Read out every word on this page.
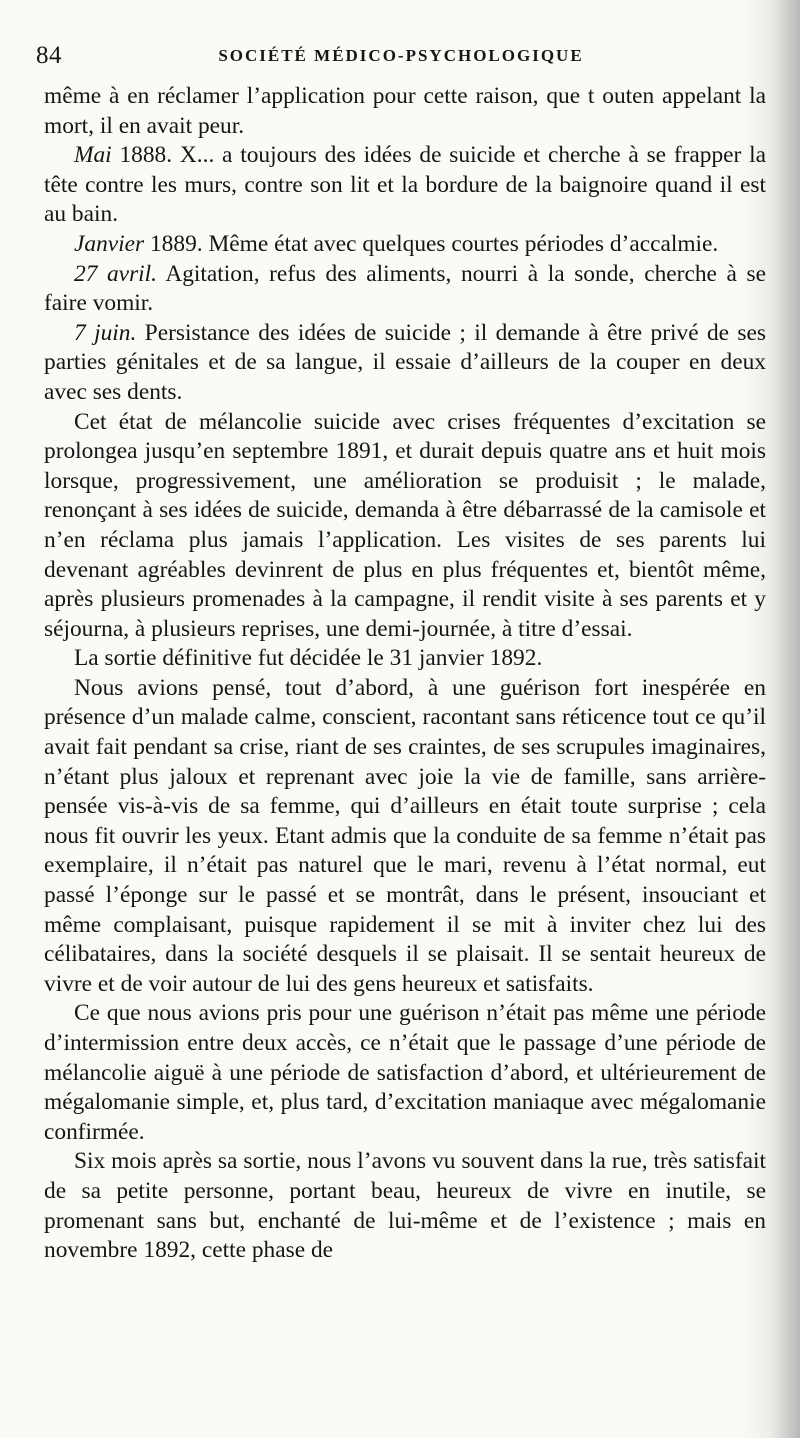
84	SOCIÉTÉ MÉDICO-PSYCHOLOGIQUE

même à en réclamer l’application pour cette raison, que t outen appelant la mort, il en avait peur.

Mai 1888. X... a toujours des idées de suicide et cherche à se frapper la tête contre les murs, contre son lit et la bordure de la baignoire quand il est au bain.

Janvier 1889. Même état avec quelques courtes périodes d’accalmie.

27 avril. Agitation, refus des aliments, nourri à la sonde, cherche à se faire vomir.

7 juin. Persistance des idées de suicide ; il demande à être privé de ses parties génitales et de sa langue, il essaie d’ailleurs de la couper en deux avec ses dents.

Cet état de mélancolie suicide avec crises fréquentes d’excitation se prolongea jusqu’en septembre 1891, et durait depuis quatre ans et huit mois lorsque, progressivement, une amélioration se produisit ; le malade, renonçant à ses idées de suicide, demanda à être débarrassé de la camisole et n’en réclama plus jamais l’application. Les visites de ses parents lui devenant agréables devinrent de plus en plus fréquentes et, bientôt même, après plusieurs promenades à la campagne, il rendit visite à ses parents et y séjourna, à plusieurs reprises, une demi-journée, à titre d’essai.

La sortie définitive fut décidée le 31 janvier 1892.

Nous avions pensé, tout d’abord, à une guérison fort inespérée en présence d’un malade calme, conscient, racontant sans réticence tout ce qu’il avait fait pendant sa crise, riant de ses craintes, de ses scrupules imaginaires, n’étant plus jaloux et reprenant avec joie la vie de famille, sans arrière-pensée vis-à-vis de sa femme, qui d’ailleurs en était toute surprise ; cela nous fit ouvrir les yeux. Etant admis que la conduite de sa femme n’était pas exemplaire, il n’était pas naturel que le mari, revenu à l’état normal, eut passé l’éponge sur le passé et se montrât, dans le présent, insouciant et même complaisant, puisque rapidement il se mit à inviter chez lui des célibataires, dans la société desquels il se plaisait. Il se sentait heureux de vivre et de voir autour de lui des gens heureux et satisfaits.

Ce que nous avions pris pour une guérison n’était pas même une période d’intermission entre deux accès, ce n’était que le passage d’une période de mélancolie aiguë à une période de satisfaction d’abord, et ultérieurement de mégalomanie simple, et, plus tard, d’excitation maniaque avec mégalomanie confirmée.

Six mois après sa sortie, nous l’avons vu souvent dans la rue, très satisfait de sa petite personne, portant beau, heureux de vivre en inutile, se promenant sans but, enchanté de lui-même et de l’existence ; mais en novembre 1892, cette phase de
